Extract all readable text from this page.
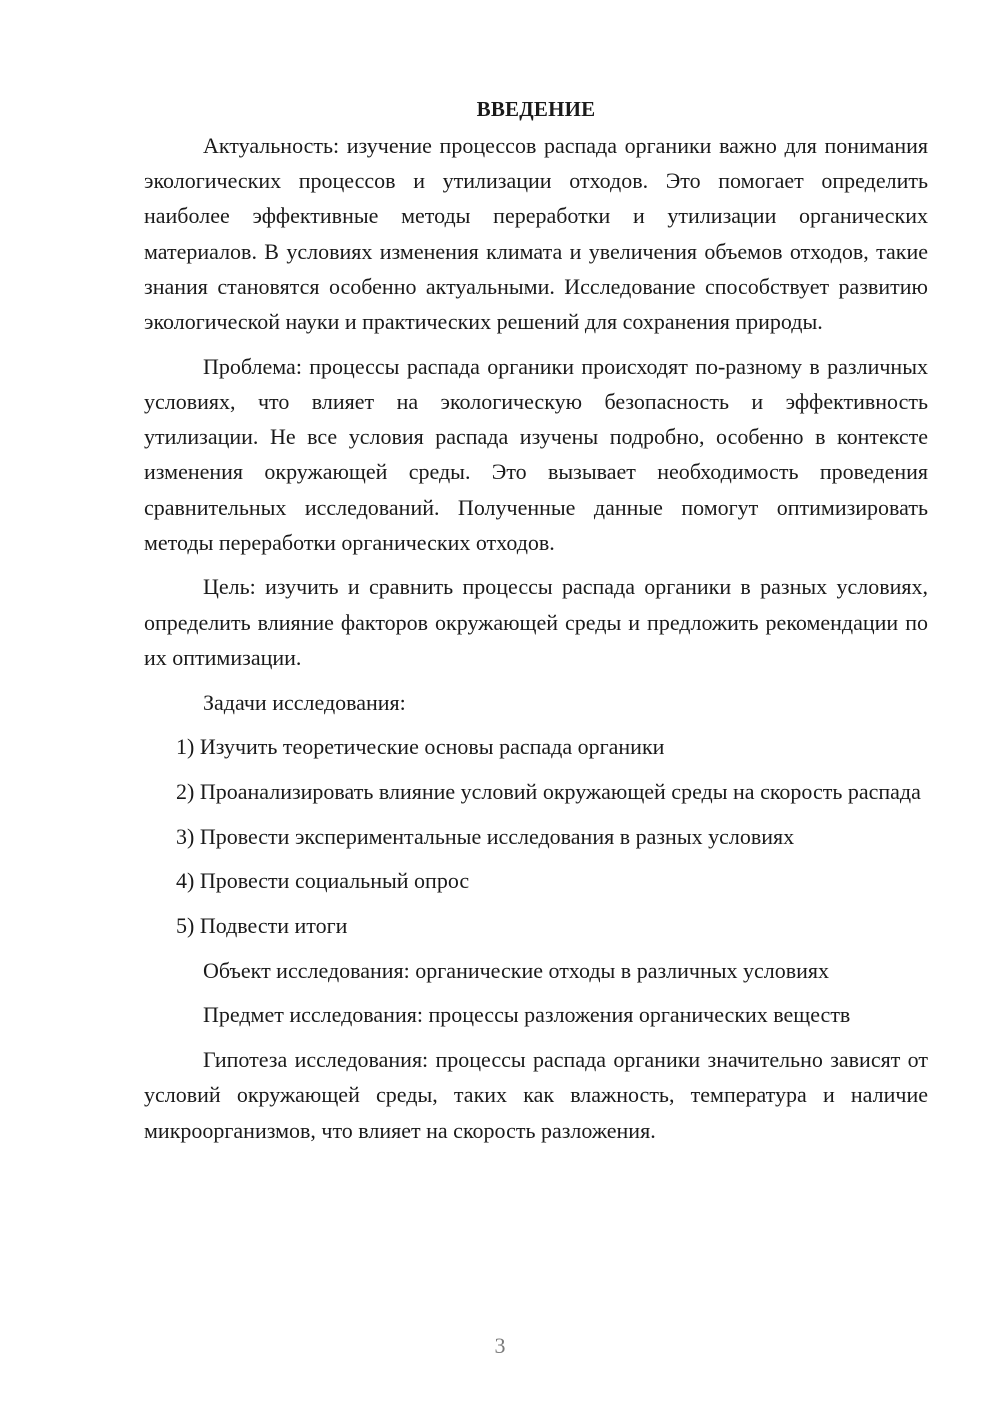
ВВЕДЕНИЕ

Актуальность: изучение процессов распада органики важно для понимания экологических процессов и утилизации отходов. Это помогает определить наиболее эффективные методы переработки и утилизации органических материалов. В условиях изменения климата и увеличения объемов отходов, такие знания становятся особенно актуальными. Исследование способствует развитию экологической науки и практических решений для сохранения природы.

Проблема: процессы распада органики происходят по-разному в различных условиях, что влияет на экологическую безопасность и эффективность утилизации. Не все условия распада изучены подробно, особенно в контексте изменения окружающей среды. Это вызывает необходимость проведения сравнительных исследований. Полученные данные помогут оптимизировать методы переработки органических отходов.

Цель: изучить и сравнить процессы распада органики в разных условиях, определить влияние факторов окружающей среды и предложить рекомендации по их оптимизации.

Задачи исследования:

1) Изучить теоретические основы распада органики

2) Проанализировать влияние условий окружающей среды на скорость распада

3) Провести экспериментальные исследования в разных условиях

4) Провести социальный опрос

5) Подвести итоги

Объект исследования: органические отходы в различных условиях

Предмет исследования: процессы разложения органических веществ

Гипотеза исследования: процессы распада органики значительно зависят от условий окружающей среды, таких как влажность, температура и наличие микроорганизмов, что влияет на скорость разложения.

3
